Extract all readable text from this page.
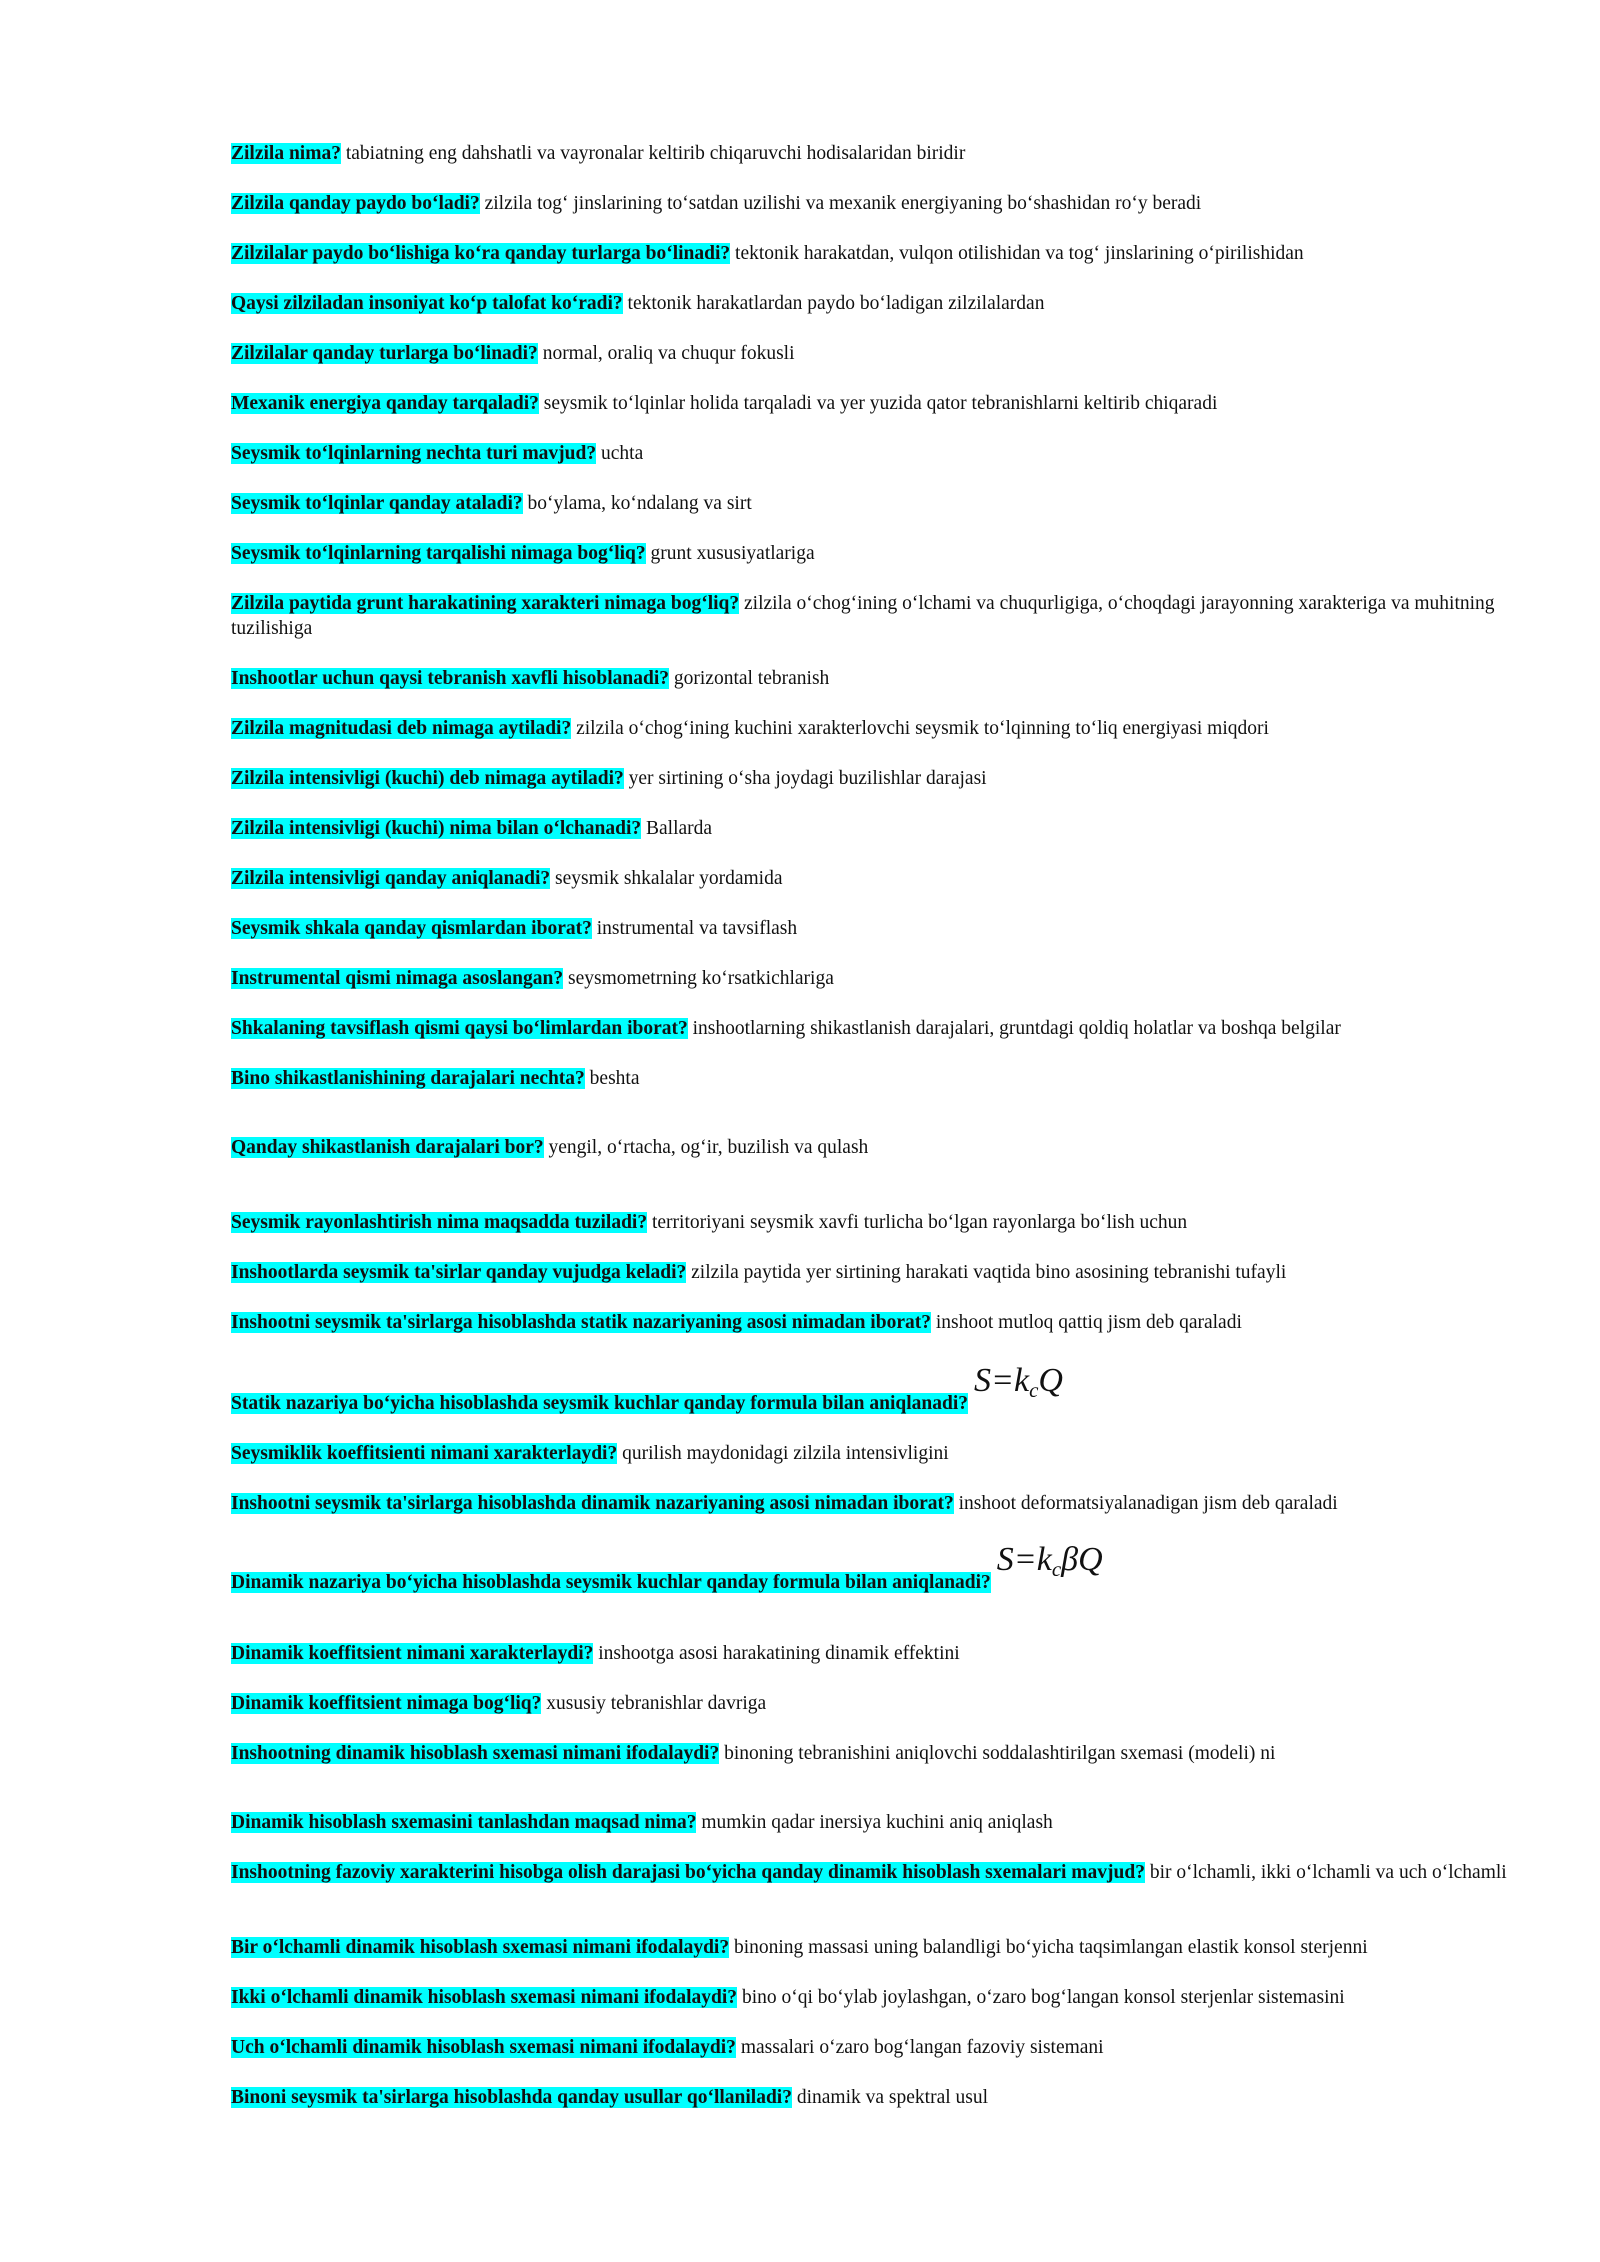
Zilzila nima? tabiatning eng dahshatli va vayronalar keltirib chiqaruvchi hodisalaridan biridir

Zilzila qanday paydo bo‘ladi? zilzila tog‘ jinslarining to‘satdan uzilishi va mexanik energiyaning bo‘shashidan ro‘y beradi

Zilzilalar paydo bo‘lishiga ko‘ra qanday turlarga bo‘linadi? tektonik harakatdan, vulqon otilishidan va tog‘ jinslarining o‘pirilishidan

Qaysi zilziladan insoniyat ko‘p talofat ko‘radi? tektonik harakatlardan paydo bo‘ladigan zilzilalardan

Zilzilalar qanday turlarga bo‘linadi? normal, oraliq va chuqur fokusli

Mexanik energiya qanday tarqaladi? seysmik to‘lqinlar holida tarqaladi va yer yuzida qator tebranishlarni keltirib chiqaradi

Seysmik to‘lqinlarning nechta turi mavjud? uchta

Seysmik to‘lqinlar qanday ataladi? bo‘ylama, ko‘ndalang va sirt

Seysmik to‘lqinlarning tarqalishi nimaga bog‘liq? grunt xususiyatlariga

Zilzila paytida grunt harakatining xarakteri nimaga bog‘liq? zilzila o‘chog‘ining o‘lchami va chuqurligiga, o‘choqdagi jarayonning xarakteriga va muhitning tuzilishiga

Inshootlar uchun qaysi tebranish xavfli hisoblanadi? gorizontal tebranish

Zilzila magnitudasi deb nimaga aytiladi? zilzila o‘chog‘ining kuchini xarakterlovchi seysmik to‘lqinning to‘liq energiyasi miqdori

Zilzila intensivligi (kuchi) deb nimaga aytiladi? yer sirtining o‘sha joydagi buzilishlar darajasi

Zilzila intensivligi (kuchi) nima bilan o‘lchanadi? Ballarda

Zilzila intensivligi qanday aniqlanadi? seysmik shkalalar yordamida

Seysmik shkala qanday qismlardan iborat? instrumental va tavsiflash

Instrumental qismi nimaga asoslangan? seysmometrning ko‘rsatkichlariga

Shkalaning tavsiflash qismi qaysi bo‘limlardan iborat? inshootlarning shikastlanish darajalari, gruntdagi qoldiq holatlar va boshqa belgilar

Bino shikastlanishining darajalari nechta? beshta

Qanday shikastlanish darajalari bor? yengil, o‘rtacha, og‘ir, buzilish va qulash

Seysmik rayonlashtirish nima maqsadda tuziladi? territoriyani seysmik xavfi turlicha bo‘lgan rayonlarga bo‘lish uchun

Inshootlarda seysmik ta'sirlar qanday vujudga keladi? zilzila paytida yer sirtining harakati vaqtida bino asosining tebranishi tufayli

Inshootni seysmik ta'sirlarga hisoblashda statik nazariyaning asosi nimadan iborat? inshoot mutloq qattiq jism deb qaraladi

Statik nazariya bo‘yicha hisoblashda seysmik kuchlar qanday formula bilan $aniqlanadi?S=k_cQ$

Seysmiklik koeffitsienti nimani xarakterlaydi? qurilish maydonidagi zilzila intensivligini

Inshootni seysmik ta'sirlarga hisoblashda dinamik nazariyaning asosi nimadan iborat? inshoot deformatsiyalanadigan jism deb qaraladi

Dinamik nazariya bo‘yicha hisoblashda seysmik kuchlar qanday formula bilan $aniqlanadi?S=k_c\beta Q$

Dinamik koeffitsient nimani xarakterlaydi? inshootga asosi harakatining dinamik effektini

Dinamik koeffitsient nimaga bog‘liq? xususiy tebranishlar davriga

Inshootning dinamik hisoblash sxemasi nimani ifodalaydi? binoning tebranishini aniqlovchi soddalashtirilgan sxemasi (modeli) ni

Dinamik hisoblash sxemasini tanlashdan maqsad nima? mumkin qadar inersiya kuchini aniq aniqlash

Inshootning fazoviy xarakterini hisobga olish darajasi bo‘yicha qanday dinamik hisoblash sxemalari mavjud? bir o‘lchamli, ikki o‘lchamli va uch o‘lchamli

Bir o‘lchamli dinamik hisoblash sxemasi nimani ifodalaydi? binoning massasi uning balandligi bo‘yicha taqsimlangan elastik konsol sterjenni

Ikki o‘lchamli dinamik hisoblash sxemasi nimani ifodalaydi? bino o‘qi bo‘ylab joylashgan, o‘zaro bog‘langan konsol sterjenlar sistemasini

Uch o‘lchamli dinamik hisoblash sxemasi nimani ifodalaydi? massalari o‘zaro bog‘langan fazoviy sistemani

Binoni seysmik ta'sirlarga hisoblashda qanday usullar qo‘llaniladi? dinamik va spektral usul
